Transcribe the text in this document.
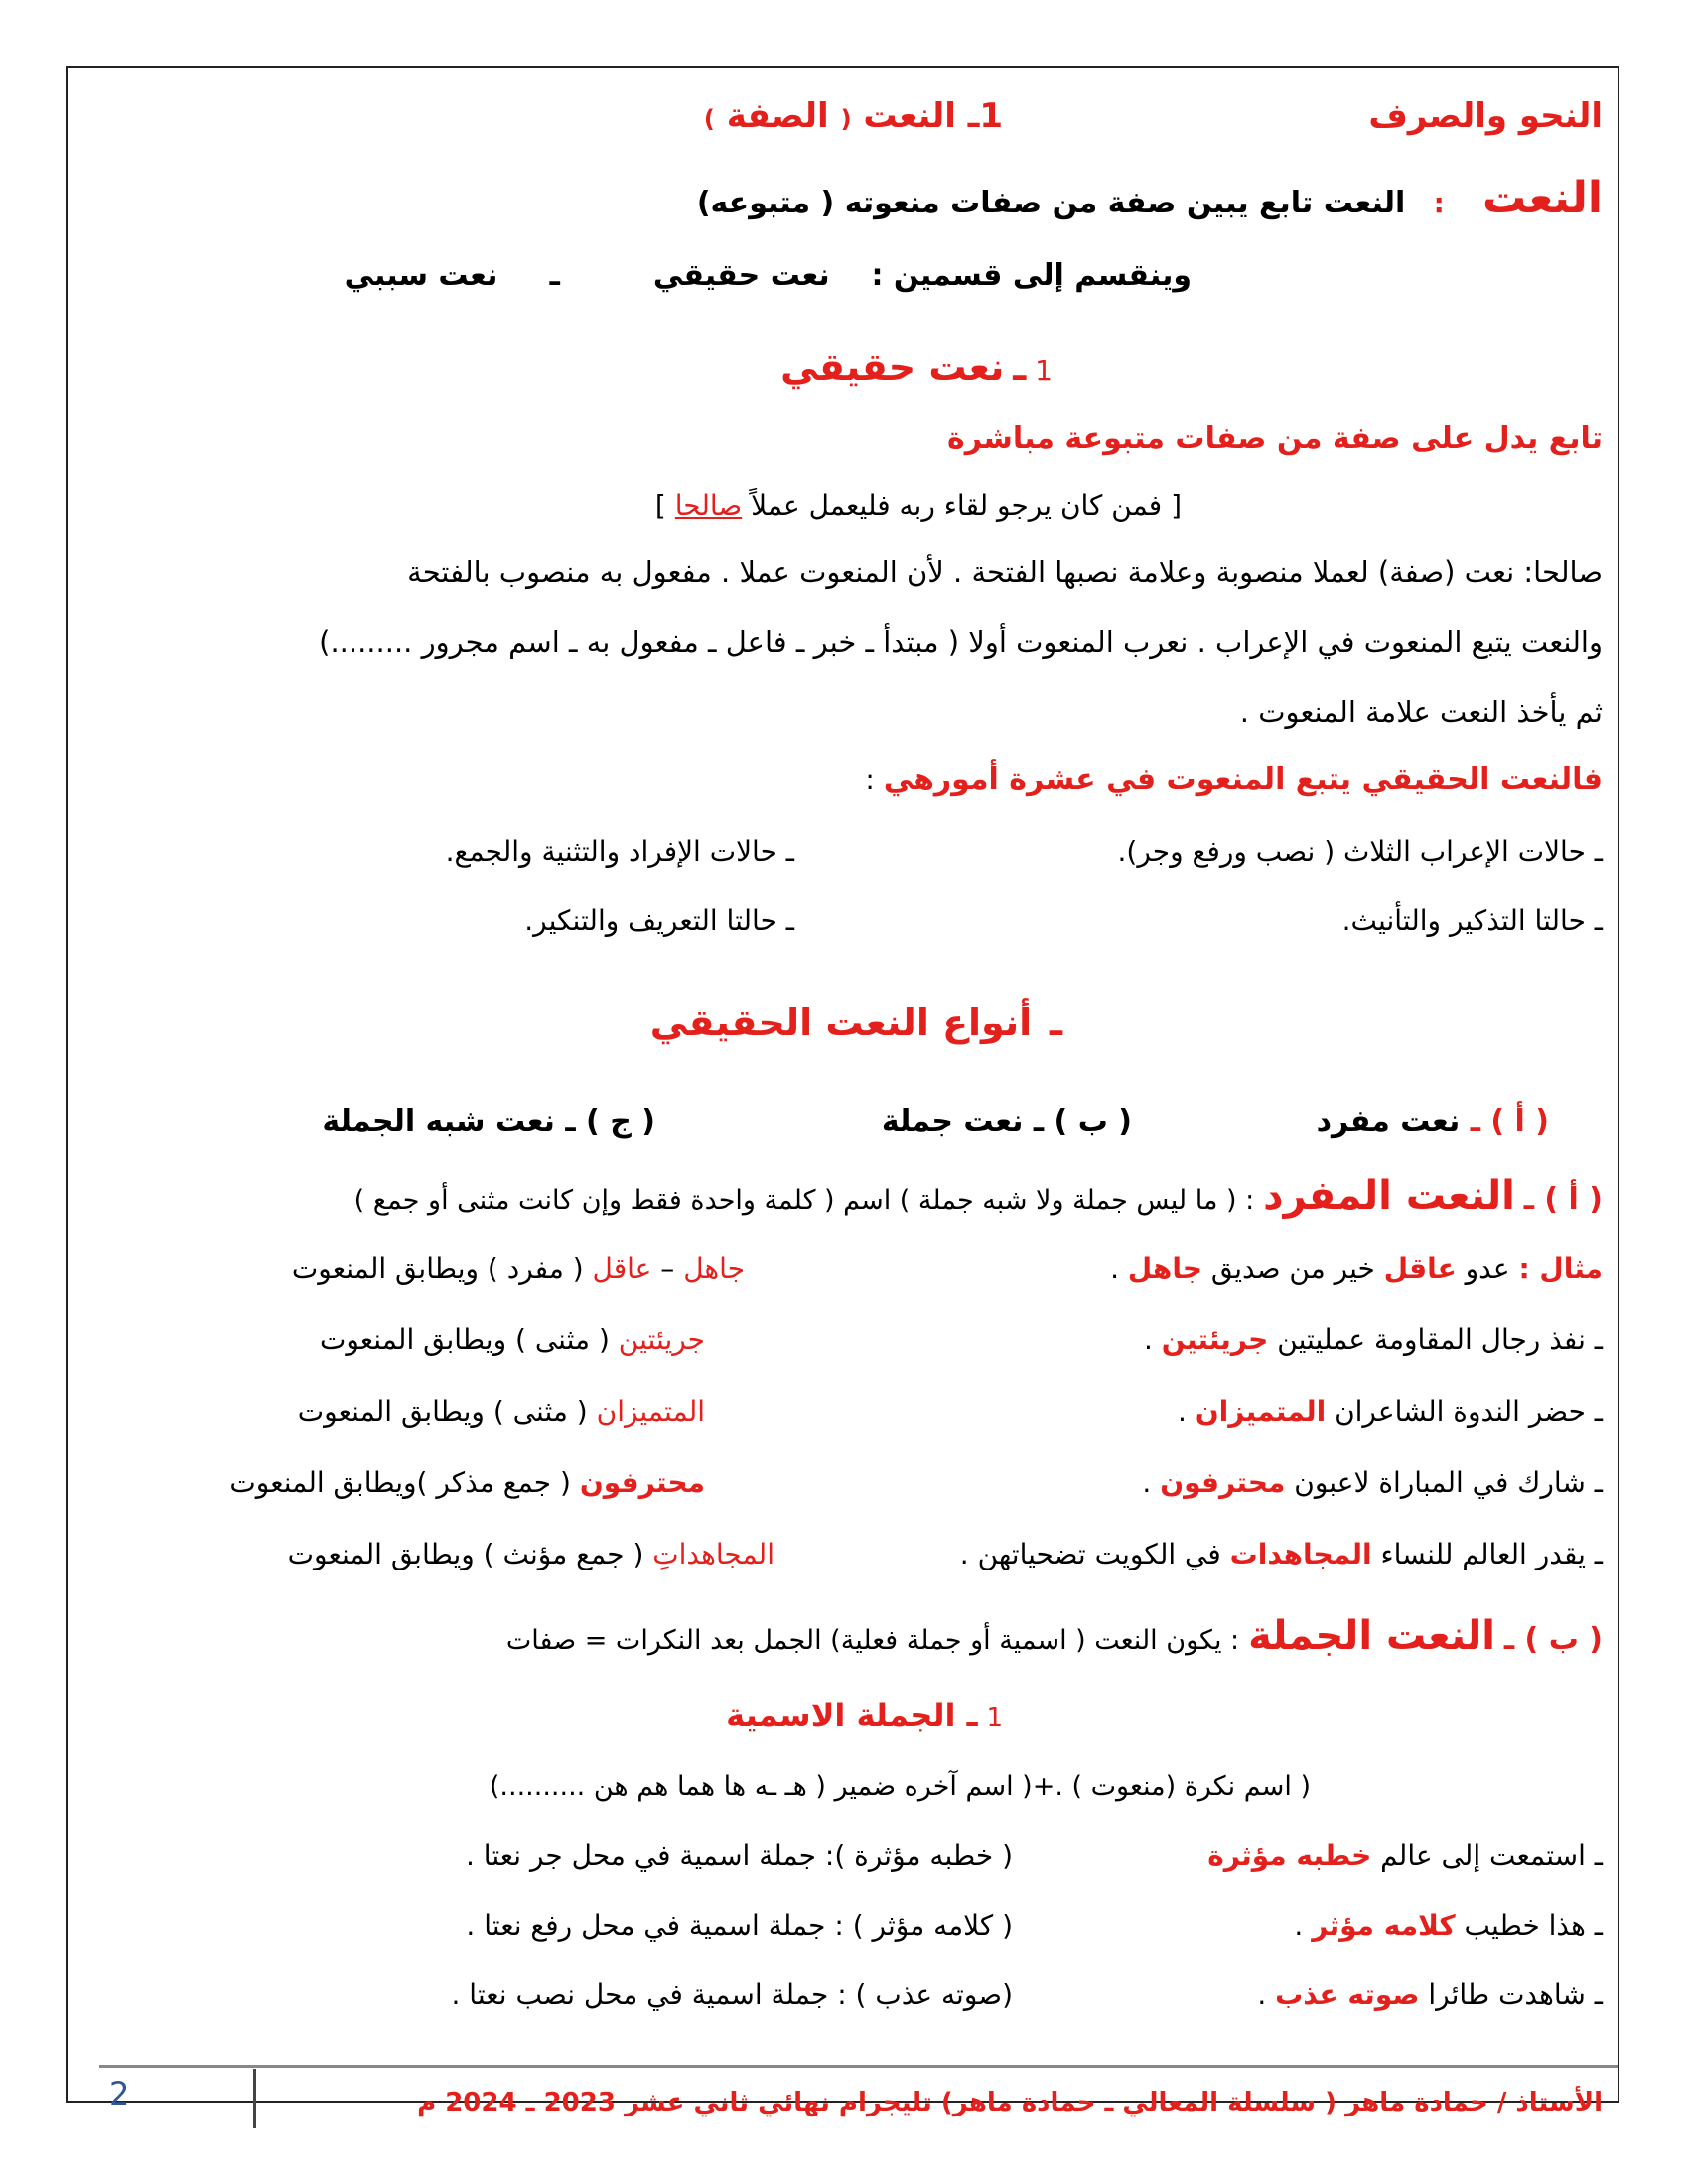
النحو والصرف
1ـ النعت ( الصفة )
النعت    :   النعت تابع يبين صفة من صفات منعوته ( متبوعه)
وينقسم إلى قسمين :    نعت حقيقي         ـ     نعت سببي
1 ـ نعت حقيقي
تابع يدل على صفة من صفات متبوعة مباشرة
[ فمن كان يرجو لقاء ربه فليعمل عملاً صالحا ]
صالحا: نعت (صفة) لعملا منصوبة وعلامة نصبها الفتحة . لأن المنعوت عملا . مفعول به منصوب بالفتحة
والنعت يتبع المنعوت في الإعراب . نعرب المنعوت أولا ( مبتدأ ـ خبر ـ فاعل ـ مفعول به ـ اسم مجرور .........)
ثم يأخذ النعت علامة المنعوت .
فالنعت الحقيقي يتبع المنعوت في عشرة أمورهي :
ـ حالات الإعراب الثلاث ( نصب ورفع وجر).
ـ حالات الإفراد والتثنية والجمع.
ـ حالتا التذكير والتأنيث.
ـ حالتا التعريف والتنكير.
ـ  أنواع النعت الحقيقي
( أ ) ـ نعت مفرد
( ب ) ـ نعت جملة
( ج ) ـ نعت شبه الجملة
( أ ) ـ النعت المفرد : ( ما ليس جملة ولا شبه جملة ) اسم ( كلمة واحدة فقط وإن كانت مثنى أو جمع )
مثال : عدو عاقل خير من صديق جاهل .
جاهل – عاقل ( مفرد ) ويطابق المنعوت
ـ نفذ رجال المقاومة عمليتين جريئتين .
جريئتين ( مثنى ) ويطابق المنعوت
ـ حضر الندوة الشاعران المتميزان .
المتميزان ( مثنى ) ويطابق المنعوت
ـ شارك في المباراة لاعبون محترفون .
محترفون ( جمع مذكر )ويطابق المنعوت
ـ يقدر العالم للنساء المجاهدات في الكويت تضحياتهن .
المجاهداتِ ( جمع مؤنث ) ويطابق المنعوت
( ب ) ـ النعت الجملة : يكون النعت ( اسمية أو جملة فعلية) الجمل بعد النكرات = صفات
1 ـ الجملة الاسمية
( اسم نكرة (منعوت ) .+( اسم آخره ضمير ( هـ ـه ها هما هم هن ..........)
ـ استمعت إلى عالم خطبه مؤثرة
( خطبه مؤثرة ): جملة اسمية في محل جر نعتا .
ـ هذا خطيب كلامه مؤثر .
( كلامه مؤثر ) : جملة اسمية في محل رفع نعتا .
ـ شاهدت طائرا صوته عذب .
(صوته عذب ) : جملة اسمية في محل نصب نعتا .
الأستاذ / حمادة ماهر ( سلسلة المعالي ـ حمادة ماهر) تليجرام نهائي ثاني عشر 2023 ـ 2024 م
2
